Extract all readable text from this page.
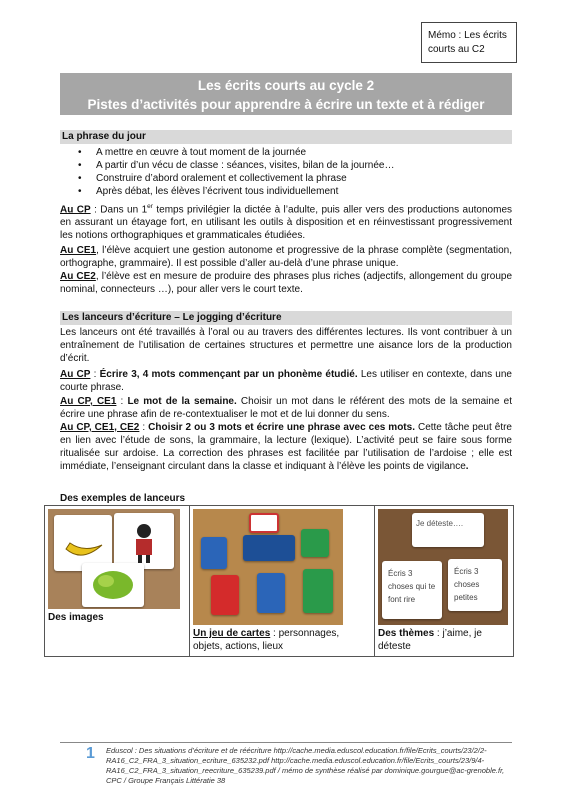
Mémo : Les écrits courts au C2
Les écrits courts au cycle 2
Pistes d’activités pour apprendre à écrire un texte et à rédiger
La phrase du jour
• A mettre en œuvre à tout moment de la journée
• A partir d’un vécu de classe : séances, visites, bilan de la journée…
• Construire d’abord oralement et collectivement la phrase
• Après débat, les élèves l’écrivent tous individuellement
Au CP : Dans un 1er temps privilégier la dictée à l’adulte, puis aller vers des productions autonomes en assurant un étayage fort, en utilisant les outils à disposition et en réinvestissant progressivement les notions orthographiques et grammaticales étudiées.
Au CE1, l’élève acquiert une gestion autonome et progressive de la phrase complète (segmentation, orthographe, grammaire). Il est possible d’aller au-delà d’une phrase unique.
Au CE2, l’élève est en mesure de produire des phrases plus riches (adjectifs, allongement du groupe nominal, connecteurs …), pour aller vers le court texte.
Les lanceurs d’écriture – Le jogging d’écriture
Les lanceurs ont été travaillés à l’oral ou au travers des différentes lectures. Ils vont contribuer à un entraînement de l’utilisation de certaines structures et permettre une aisance lors de la production d’écrit.
Au CP : Écrire 3, 4 mots commençant par un phonème étudié. Les utiliser en contexte, dans une courte phrase.
Au CP, CE1 : Le mot de la semaine. Choisir un mot dans le référent des mots de la semaine et écrire une phrase afin de re-contextualiser le mot et de lui donner du sens.
Au CP, CE1, CE2 : Choisir 2 ou 3 mots et écrire une phrase avec ces mots. Cette tâche peut être en lien avec l’étude de sons, la grammaire, la lecture (lexique). L’activité peut se faire sous forme ritualisée sur ardoise. La correction des phrases est facilitée par l’utilisation de l’ardoise ; elle est immédiate, l’enseignant circulant dans la classe et indiquant à l’élève les points de vigilance.
Des exemples de lanceurs
Des images

Un jeu de cartes : personnages, objets, actions, lieux

Je déteste….
Écris 3 choses qui te font rire
Écris 3 choses petites
Des thèmes : j’aime, je déteste
1 Eduscol : Des situations d’écriture et de réécriture http://cache.media.eduscol.education.fr/file/Ecrits_courts/23/2/2-RA16_C2_FRA_3_situation_ecriture_635232.pdf http://cache.media.eduscol.education.fr/file/Ecrits_courts/23/9/4-RA16_C2_FRA_3_situation_reecriture_635239.pdf / mémo de synthèse réalisé par dominique.gourgue@ac-grenoble.fr, CPC / Groupe Français Littératie 38
